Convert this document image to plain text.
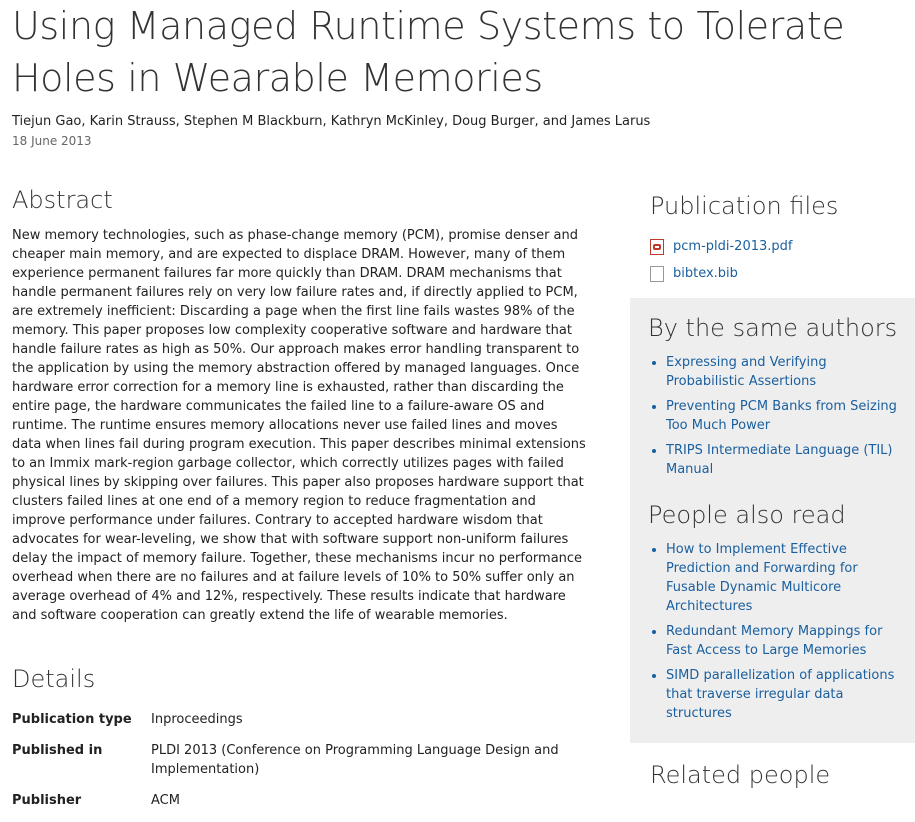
Using Managed Runtime Systems to Tolerate Holes in Wearable Memories
Tiejun Gao, Karin Strauss, Stephen M Blackburn, Kathryn McKinley, Doug Burger, and James Larus
18 June 2013
Abstract

New memory technologies, such as phase-change memory (PCM), promise denser and cheaper main memory, and are expected to displace DRAM. However, many of them experience permanent failures far more quickly than DRAM. DRAM mechanisms that handle permanent failures rely on very low failure rates and, if directly applied to PCM, are extremely inefficient: Discarding a page when the first line fails wastes 98% of the memory. This paper proposes low complexity cooperative software and hardware that handle failure rates as high as 50%. Our approach makes error handling transparent to the application by using the memory abstraction offered by managed languages. Once hardware error correction for a memory line is exhausted, rather than discarding the entire page, the hardware communicates the failed line to a failure-aware OS and runtime. The runtime ensures memory allocations never use failed lines and moves data when lines fail during program execution. This paper describes minimal extensions to an Immix mark-region garbage collector, which correctly utilizes pages with failed physical lines by skipping over failures. This paper also proposes hardware support that clusters failed lines at one end of a memory region to reduce fragmentation and improve performance under failures. Contrary to accepted hardware wisdom that advocates for wear-leveling, we show that with software support non-uniform failures delay the impact of memory failure. Together, these mechanisms incur no performance overhead when there are no failures and at failure levels of 10% to 50% suffer only an average overhead of 4% and 12%, respectively. These results indicate that hardware and software cooperation can greatly extend the life of wearable memories.

Details
Publication type	Inproceedings
Published in	PLDI 2013 (Conference on Programming Language Design and Implementation)
Publisher	ACM
Publication files
pcm-pldi-2013.pdf
bibtex.bib
By the same authors
• Expressing and Verifying Probabilistic Assertions
• Preventing PCM Banks from Seizing Too Much Power
• TRIPS Intermediate Language (TIL) Manual
People also read
• How to Implement Effective Prediction and Forwarding for Fusable Dynamic Multicore Architectures
• Redundant Memory Mappings for Fast Access to Large Memories
• SIMD parallelization of applications that traverse irregular data structures
Related people
